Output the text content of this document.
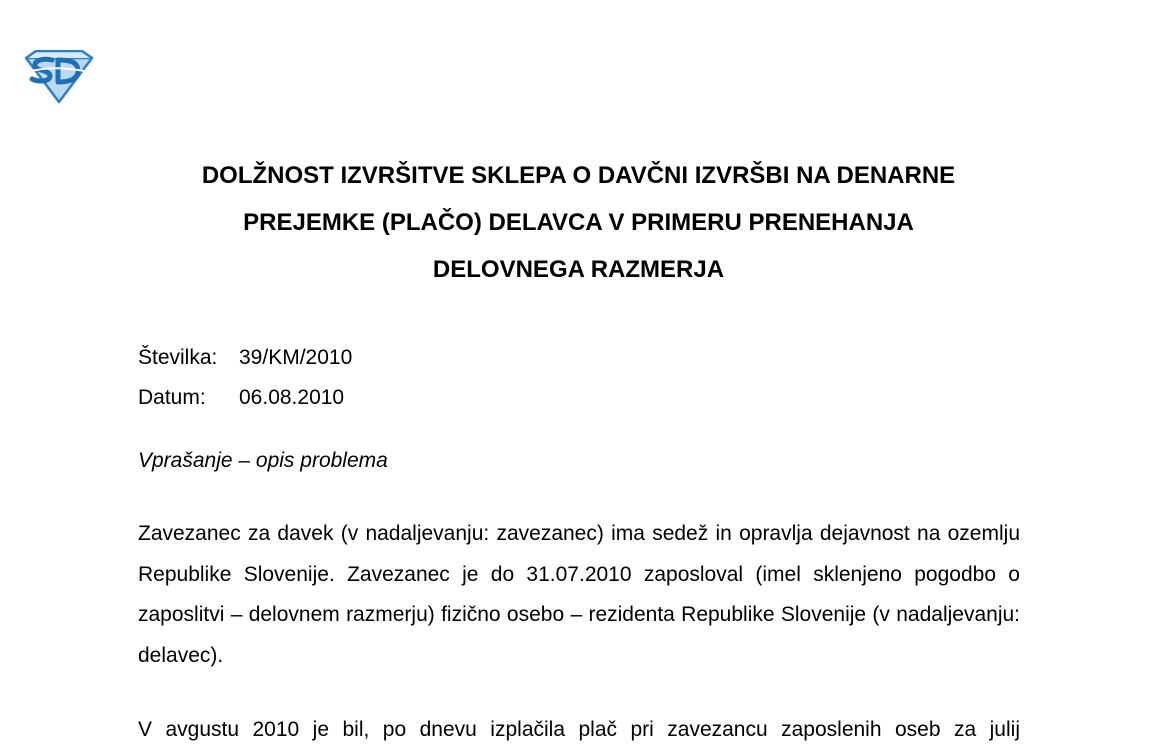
DOLŽNOST IZVRŠITVE SKLEPA O DAVČNI IZVRŠBI NA DENARNE
PREJEMKE (PLAČO) DELAVCA V PRIMERU PRENEHANJA
DELOVNEGA RAZMERJA
Številka:	39/KM/2010
Datum:	06.08.2010
Vprašanje – opis problema
Zavezanec za davek (v nadaljevanju: zavezanec) ima sedež in opravlja dejavnost na ozemlju Republike Slovenije. Zavezanec je do 31.07.2010 zaposloval (imel sklenjeno pogodbo o zaposlitvi – delovnem razmerju) fizično osebo – rezidenta Republike Slovenije (v nadaljevanju: delavec).
V avgustu 2010 je bil, po dnevu izplačila plač pri zavezancu zaposlenih oseb za julij
